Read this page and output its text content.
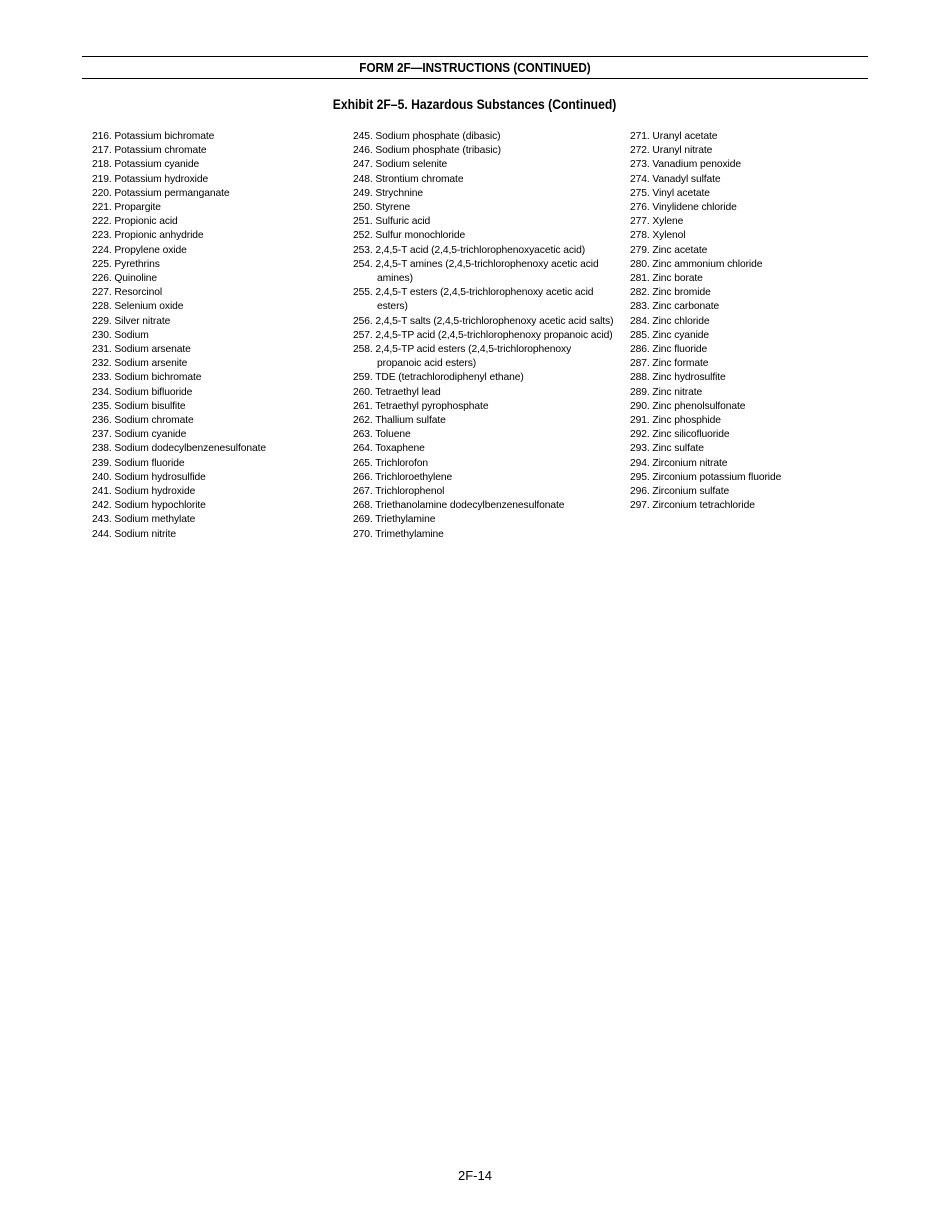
FORM 2F—INSTRUCTIONS (CONTINUED)
Exhibit 2F–5. Hazardous Substances (Continued)
216. Potassium bichromate
217. Potassium chromate
218. Potassium cyanide
219. Potassium hydroxide
220. Potassium permanganate
221. Propargite
222. Propionic acid
223. Propionic anhydride
224. Propylene oxide
225. Pyrethrins
226. Quinoline
227. Resorcinol
228. Selenium oxide
229. Silver nitrate
230. Sodium
231. Sodium arsenate
232. Sodium arsenite
233. Sodium bichromate
234. Sodium bifluoride
235. Sodium bisulfite
236. Sodium chromate
237. Sodium cyanide
238. Sodium dodecylbenzenesulfonate
239. Sodium fluoride
240. Sodium hydrosulfide
241. Sodium hydroxide
242. Sodium hypochlorite
243. Sodium methylate
244. Sodium nitrite
245. Sodium phosphate (dibasic)
246. Sodium phosphate (tribasic)
247. Sodium selenite
248. Strontium chromate
249. Strychnine
250. Styrene
251. Sulfuric acid
252. Sulfur monochloride
253. 2,4,5-T acid (2,4,5-trichlorophenoxyacetic acid)
254. 2,4,5-T amines (2,4,5-trichlorophenoxy acetic acid amines)
255. 2,4,5-T esters (2,4,5-trichlorophenoxy acetic acid esters)
256. 2,4,5-T salts (2,4,5-trichlorophenoxy acetic acid salts)
257. 2,4,5-TP acid (2,4,5-trichlorophenoxy propanoic acid)
258. 2,4,5-TP acid esters (2,4,5-trichlorophenoxy propanoic acid esters)
259. TDE (tetrachlorodiphenyl ethane)
260. Tetraethyl lead
261. Tetraethyl pyrophosphate
262. Thallium sulfate
263. Toluene
264. Toxaphene
265. Trichlorofon
266. Trichloroethylene
267. Trichlorophenol
268. Triethanolamine dodecylbenzenesulfonate
269. Triethylamine
270. Trimethylamine
271. Uranyl acetate
272. Uranyl nitrate
273. Vanadium penoxide
274. Vanadyl sulfate
275. Vinyl acetate
276. Vinylidene chloride
277. Xylene
278. Xylenol
279. Zinc acetate
280. Zinc ammonium chloride
281. Zinc borate
282. Zinc bromide
283. Zinc carbonate
284. Zinc chloride
285. Zinc cyanide
286. Zinc fluoride
287. Zinc formate
288. Zinc hydrosulfite
289. Zinc nitrate
290. Zinc phenolsulfonate
291. Zinc phosphide
292. Zinc silicofluoride
293. Zinc sulfate
294. Zirconium nitrate
295. Zirconium potassium fluoride
296. Zirconium sulfate
297. Zirconium tetrachloride
2F-14
